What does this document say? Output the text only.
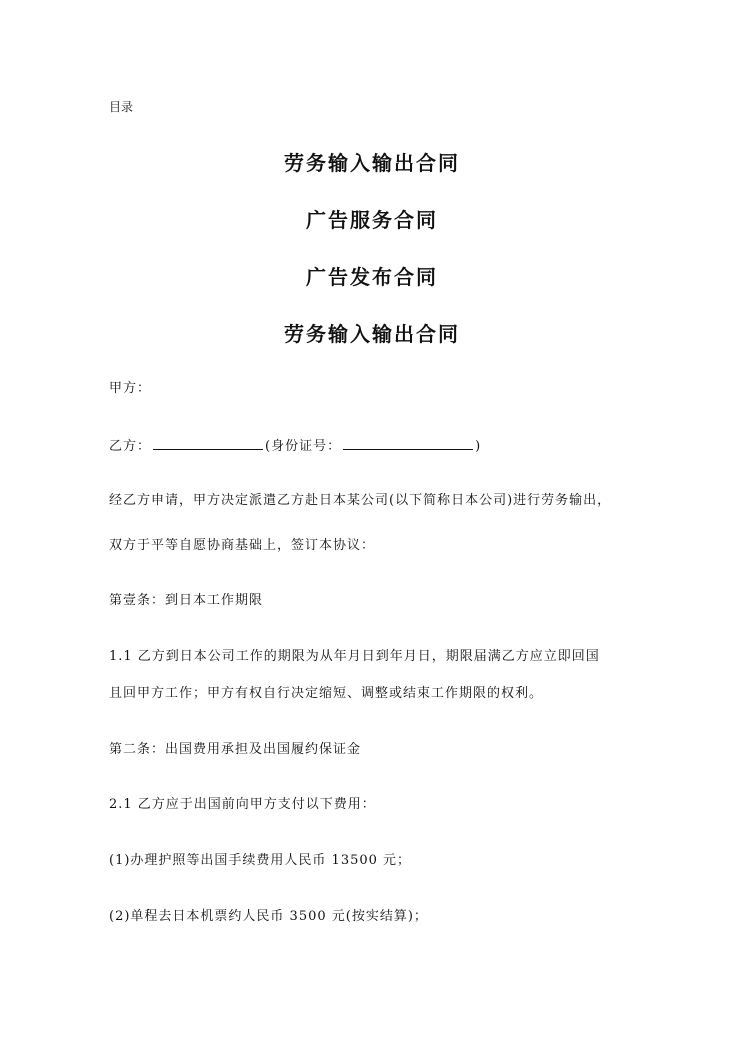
目录
劳务输入输出合同
广告服务合同
广告发布合同
劳务输入输出合同
甲方：
乙方：	(身份证号：	)
经乙方申请，甲方决定派遣乙方赴日本某公司(以下简称日本公司)进行劳务输出，
双方于平等自愿协商基础上，签订本协议：
第壹条：到日本工作期限
1.1 乙方到日本公司工作的期限为从年月日到年月日，期限届满乙方应立即回国
且回甲方工作；甲方有权自行决定缩短、调整或结束工作期限的权利。
第二条：出国费用承担及出国履约保证金
2.1 乙方应于出国前向甲方支付以下费用：
(1)办理护照等出国手续费用人民币 13500 元；
(2)单程去日本机票约人民币 3500 元(按实结算)；
